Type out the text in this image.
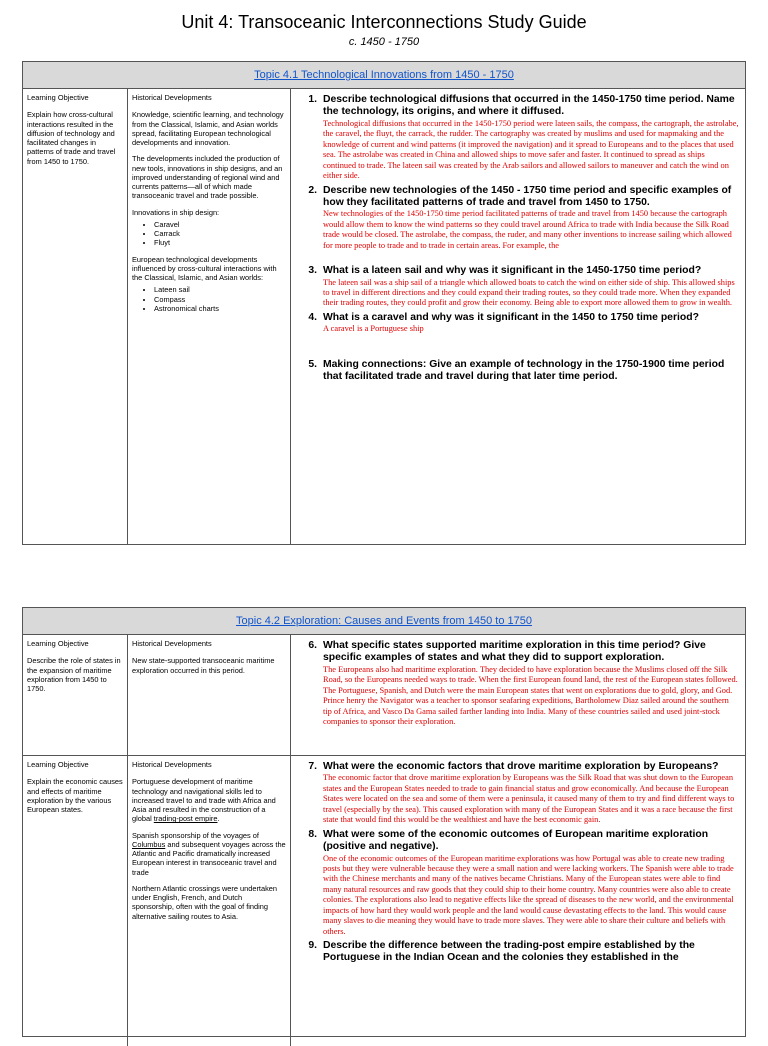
Unit 4: Transoceanic Interconnections Study Guide
c. 1450 - 1750
Topic 4.1 Technological Innovations from 1450 - 1750
Learning Objective
Explain how cross-cultural interactions resulted in the diffusion of technology and facilitated changes in patterns of trade and travel from 1450 to 1750.
Historical Developments

Knowledge, scientific learning, and technology from the Classical, Islamic, and Asian worlds spread, facilitating European technological developments and innovation.

The developments included the production of new tools, innovations in ship designs, and an improved understanding of regional wind and currents patterns—all of which made transoceanic travel and trade possible.

Innovations in ship design:

• Caravel
• Carrack
• Fluyt

European technological developments influenced by cross-cultural interactions with the Classical, Islamic, and Asian worlds:

• Lateen sail
• Compass
• Astronomical charts
1. Describe technological diffusions that occurred in the 1450-1750 time period. Name the technology, its origins, and where it diffused.
Technological diffusions that occurred in the 1450-1750 period were lateen sails, the compass, the cartograph, the astrolabe, the caravel, the fluyt, the carrack, the rudder. The cartography was created by muslims and used for mapmaking and the knowledge of current and wind patterns (it improved the navigation) and it spread to Europeans and to the places that used sea. The astrolabe was created in China and allowed ships to move safer and faster. It continued to spread as ships continued to trade. The lateen sail was created by the Arab sailors and allowed sailors to maneuver and catch the wind on either side.
2. Describe new technologies of the 1450 - 1750 time period and specific examples of how they facilitated patterns of trade and travel from 1450 to 1750.
New technologies of the 1450-1750 time period facilitated patterns of trade and travel from 1450 because the cartograph would allow them to know the wind patterns so they could travel around Africa to trade with India because the Silk Road trade would be closed. The astrolabe, the compass, the ruder, and many other inventions to increase sailing which allowed for more people to trade and to trade in certain areas. For example, the
3. What is a lateen sail and why was it significant in the 1450-1750 time period?
The lateen sail was a ship sail of a triangle which allowed boats to catch the wind on either side of ship. This allowed ships to travel in different directions and they could expand their trading routes, so they could trade more. When they expanded their trading routes, they could profit and grow their economy. Being able to export more allowed them to grow in wealth.
4. What is a caravel and why was it significant in the 1450 to 1750 time period?
A caravel is a Portuguese ship
5. Making connections: Give an example of technology in the 1750-1900 time period that facilitated trade and travel during that later time period.
Topic 4.2 Exploration: Causes and Events from 1450 to 1750
Learning Objective
Describe the role of states in the expansion of maritime exploration from 1450 to 1750.
Historical Developments
New state-supported transoceanic maritime exploration occurred in this period.
6. What specific states supported maritime exploration in this time period? Give specific examples of states and what they did to support exploration.
The Europeans also had maritime exploration. They decided to have exploration because the Muslims closed off the Silk Road, so the Europeans needed ways to trade. When the first European found land, the rest of the European states followed. The Portuguese, Spanish, and Dutch were the main European states that went on explorations due to gold, glory, and God. Prince henry the Navigator was a teacher to sponsor seafaring expeditions, Bartholomew Diaz sailed around the southern tip of Africa, and Vasco Da Gama sailed farther landing into India. Many of these countries sailed and used joint-stock companies to sponsor their exploration.
Learning Objective
Explain the economic causes and effects of maritime exploration by the various European states.
Historical Developments

Portuguese development of maritime technology and navigational skills led to increased travel to and trade with Africa and Asia and resulted in the construction of a global trading-post empire.

Spanish sponsorship of the voyages of Columbus and subsequent voyages across the Atlantic and Pacific dramatically increased European interest in transoceanic travel and trade

Northern Atlantic crossings were undertaken under English, French, and Dutch sponsorship, often with the goal of finding alternative sailing routes to Asia.

7. What were the economic factors that drove maritime exploration by Europeans?
The economic factor that drove maritime exploration by Europeans was the Silk Road that was shut down to the European states and the European States needed to trade to gain financial status and grow economically. And because the European States were located on the sea and some of them were a peninsula, it caused many of them to try and find different ways to travel (especially by the sea). This caused exploration with many of the European States and it was a race because the first state that would find this would be the wealthiest and have the best economic gain.
8. What were some of the economic outcomes of European maritime exploration (positive and negative).
One of the economic outcomes of the European maritime explorations was how Portugal was able to create new trading posts but they were vulnerable because they were a small nation and were lacking workers. The Spanish were able to trade with the Chinese merchants and many of the natives became Christians. Many of the European states were able to find many natural resources and raw goods that they could ship to their home country. Many countries were also able to create colonies. The explorations also lead to negative effects like the spread of diseases to the new world, and the environmental impacts of how hard they would work people and the land would cause devastating effects to the land. This would cause many slaves to die meaning they would have to trade more slaves. They were able to share their culture and beliefs with others.
9. Describe the difference between the trading-post empire established by the Portuguese in the Indian Ocean and the colonies they established in the
